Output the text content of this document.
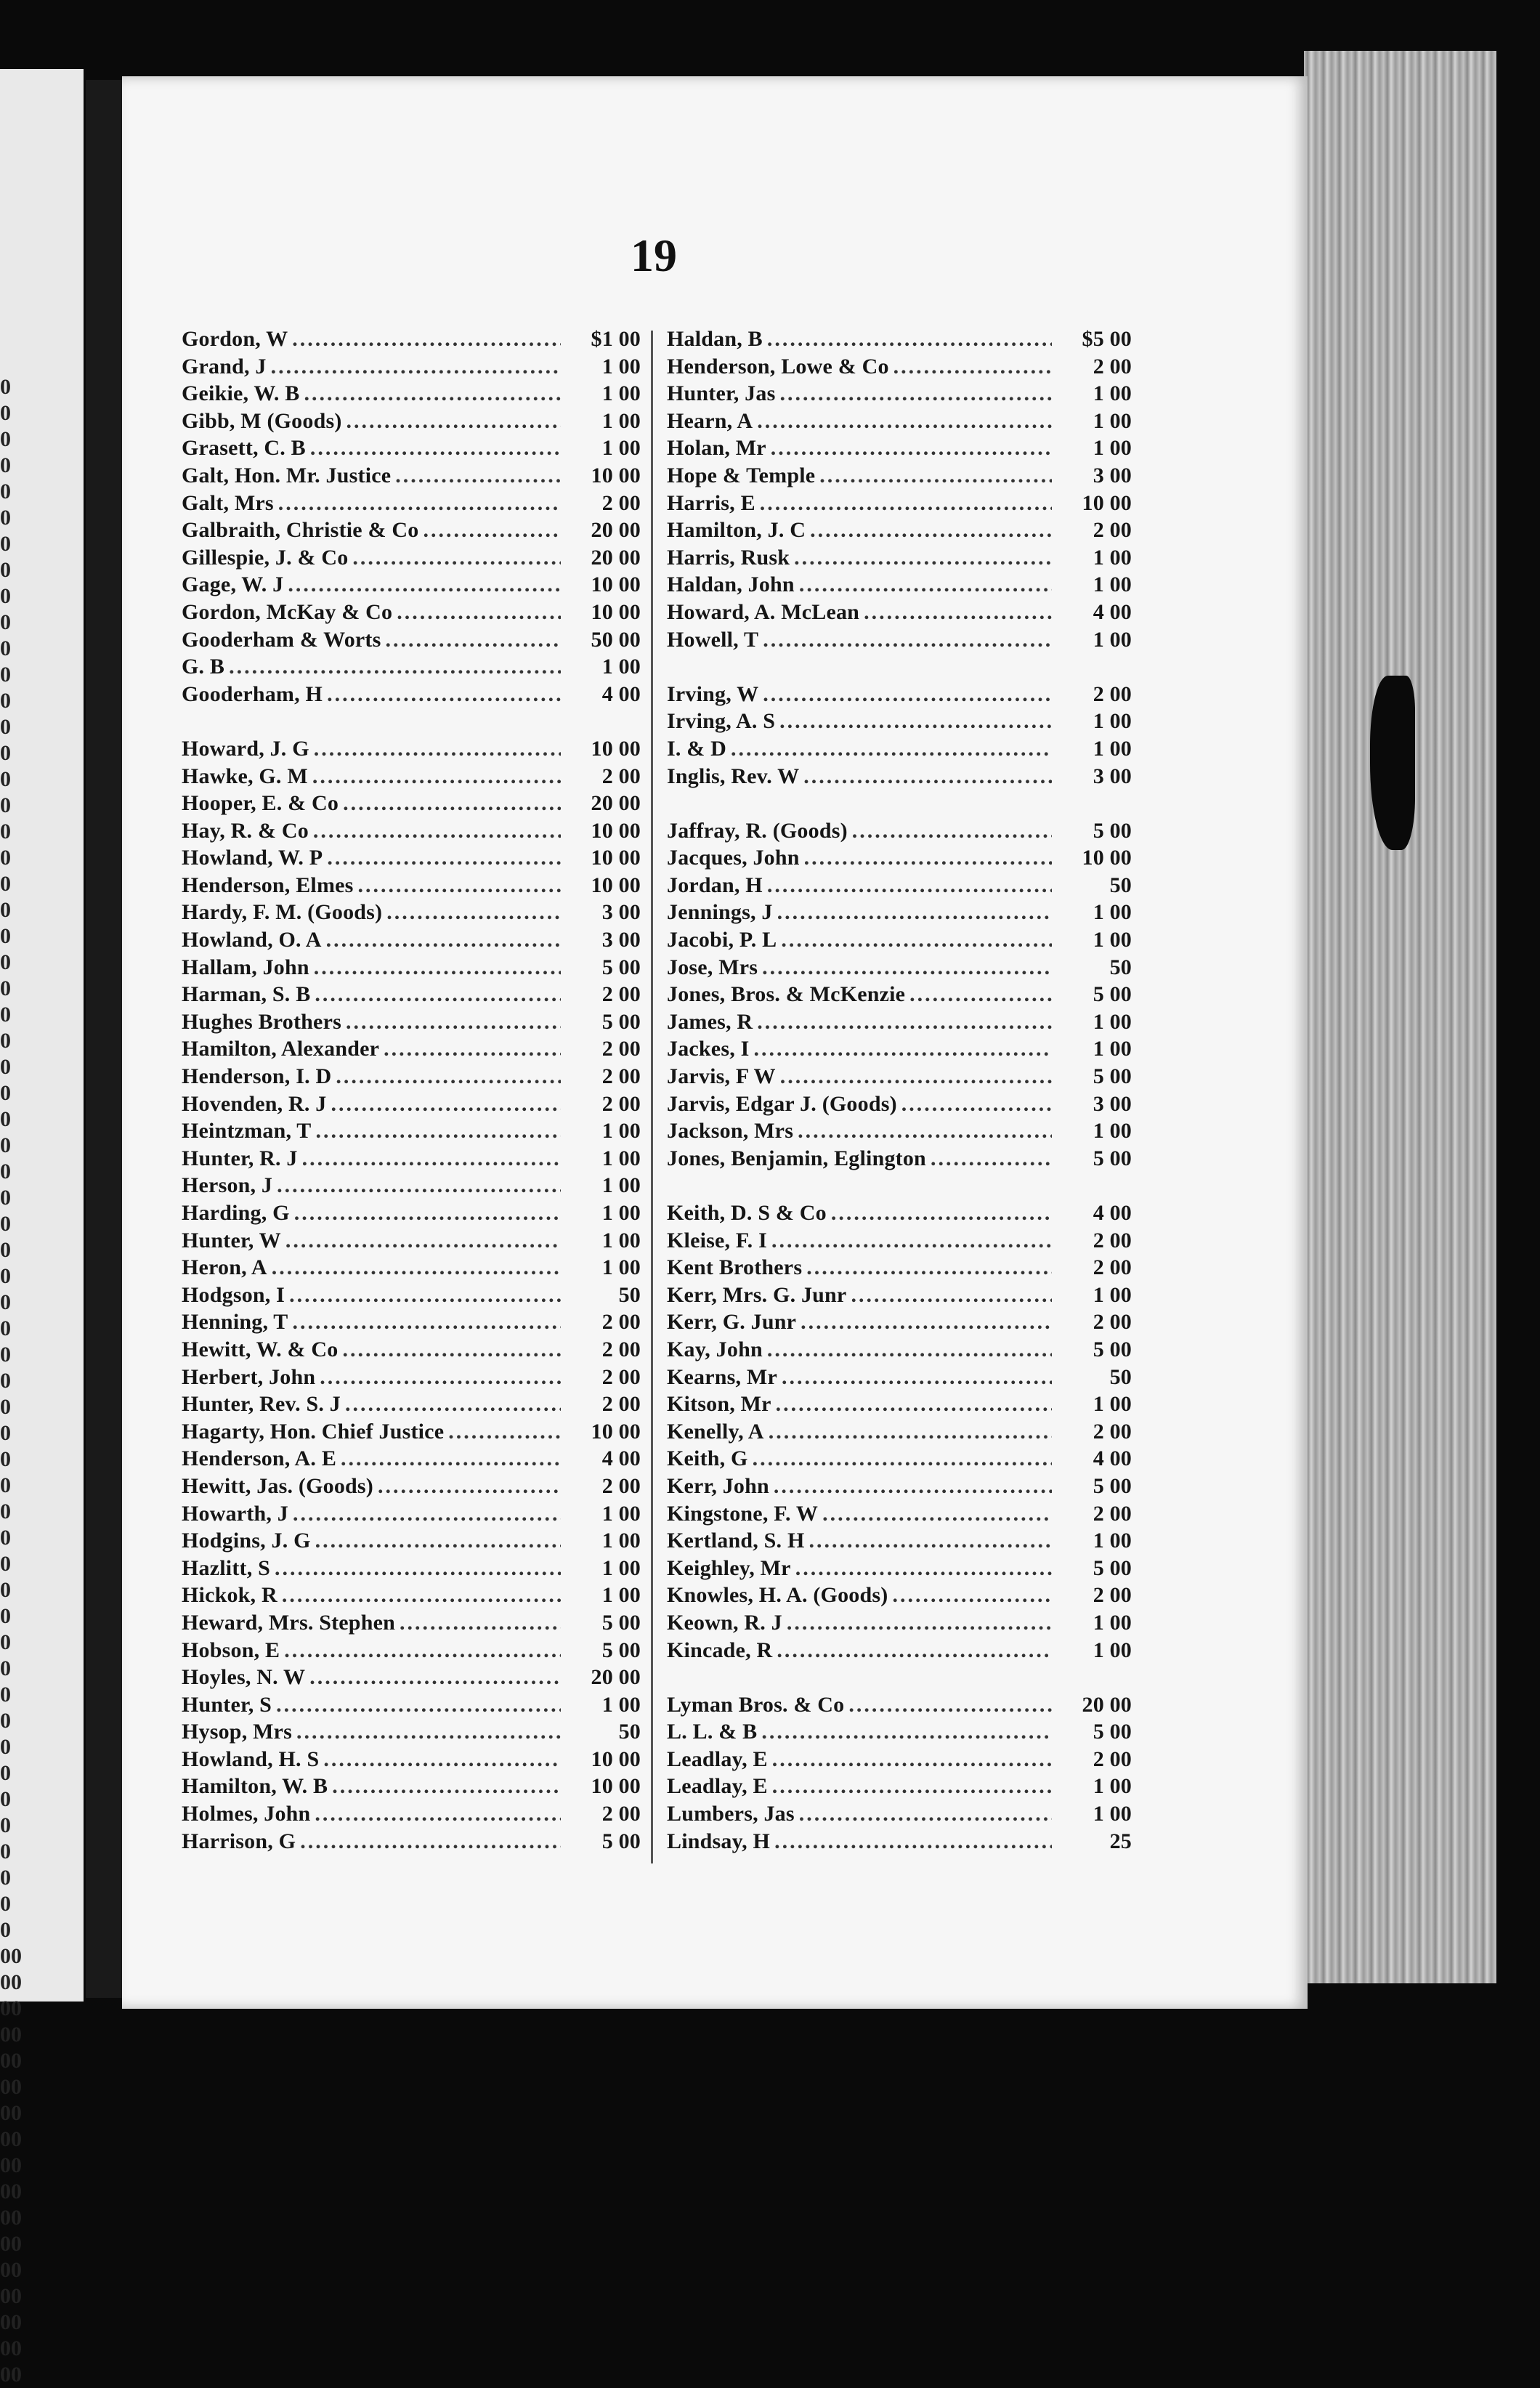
0
0
0
0
0
0
0
0
0
0
0
0
0
0
0
0
0
0
0
0
0
0
0
0
0
0
0
0
0
0
0
0
0
0
0
0
0
0
0
0
0
0
0
0
0
0
0
0
0
0
0
0
0
0
0
0
0
0
0
0
00
00
00
00
00
00
00
00
00
00
00
00
00
00
00
00
00
19
Gordon, W .....	$1 00
Grand, J .....	1 00
Geikie, W. B .....	1 00
Gibb, M (Goods) .....	1 00
Grasett, C. B .....	1 00
Galt, Hon. Mr. Justice .....	10 00
Galt, Mrs .....	2 00
Galbraith, Christie & Co .....	20 00
Gillespie, J. & Co .....	20 00
Gage, W. J .....	10 00
Gordon, McKay & Co .....	10 00
Gooderham & Worts .....	50 00
G. B .....	1 00
Gooderham, H .....	4 00
Howard, J. G .....	10 00
Hawke, G. M .....	2 00
Hooper, E. & Co .....	20 00
Hay, R. & Co .....	10 00
Howland, W. P .....	10 00
Henderson, Elmes .....	10 00
Hardy, F. M. (Goods) .....	3 00
Howland, O. A .....	3 00
Hallam, John .....	5 00
Harman, S. B .....	2 00
Hughes Brothers .....	5 00
Hamilton, Alexander .....	2 00
Henderson, I. D .....	2 00
Hovenden, R. J .....	2 00
Heintzman, T .....	1 00
Hunter, R. J .....	1 00
Herson, J .....	1 00
Harding, G .....	1 00
Hunter, W .....	1 00
Heron, A .....	1 00
Hodgson, I .....	50
Henning, T .....	2 00
Hewitt, W. & Co .....	2 00
Herbert, John .....	2 00
Hunter, Rev. S. J .....	2 00
Hagarty, Hon. Chief Justice .....	10 00
Henderson, A. E .....	4 00
Hewitt, Jas. (Goods) .....	2 00
Howarth, J .....	1 00
Hodgins, J. G .....	1 00
Hazlitt, S .....	1 00
Hickok, R .....	1 00
Heward, Mrs. Stephen .....	5 00
Hobson, E .....	5 00
Hoyles, N. W .....	20 00
Hunter, S .....	1 00
Hysop, Mrs .....	50
Howland, H. S .....	10 00
Hamilton, W. B .....	10 00
Holmes, John .....	2 00
Harrison, G .....	5 00
Haldan, B .....	$5 00
Henderson, Lowe & Co .....	2 00
Hunter, Jas .....	1 00
Hearn, A .....	1 00
Holan, Mr .....	1 00
Hope & Temple .....	3 00
Harris, E .....	10 00
Hamilton, J. C .....	2 00
Harris, Rusk .....	1 00
Haldan, John .....	1 00
Howard, A. McLean .....	4 00
Howell, T .....	1 00
Irving, W .....	2 00
Irving, A. S .....	1 00
I. & D .....	1 00
Inglis, Rev. W .....	3 00
Jaffray, R. (Goods) .....	5 00
Jacques, John .....	10 00
Jordan, H .....	50
Jennings, J .....	1 00
Jacobi, P. L .....	1 00
Jose, Mrs .....	50
Jones, Bros. & McKenzie .....	5 00
James, R .....	1 00
Jackes, I .....	1 00
Jarvis, F W .....	5 00
Jarvis, Edgar J. (Goods) .....	3 00
Jackson, Mrs .....	1 00
Jones, Benjamin, Eglington .....	5 00
Keith, D. S & Co .....	4 00
Kleise, F. I .....	2 00
Kent Brothers .....	2 00
Kerr, Mrs. G. Junr .....	1 00
Kerr, G. Junr .....	2 00
Kay, John .....	5 00
Kearns, Mr .....	50
Kitson, Mr .....	1 00
Kenelly, A .....	2 00
Keith, G .....	4 00
Kerr, John .....	5 00
Kingstone, F. W .....	2 00
Kertland, S. H .....	1 00
Keighley, Mr .....	5 00
Knowles, H. A. (Goods) .....	2 00
Keown, R. J .....	1 00
Kincade, R .....	1 00
Lyman Bros. & Co .....	20 00
L. L. & B .....	5 00
Leadlay, E .....	2 00
Leadlay, E .....	1 00
Lumbers, Jas .....	1 00
Lindsay, H .....	25
